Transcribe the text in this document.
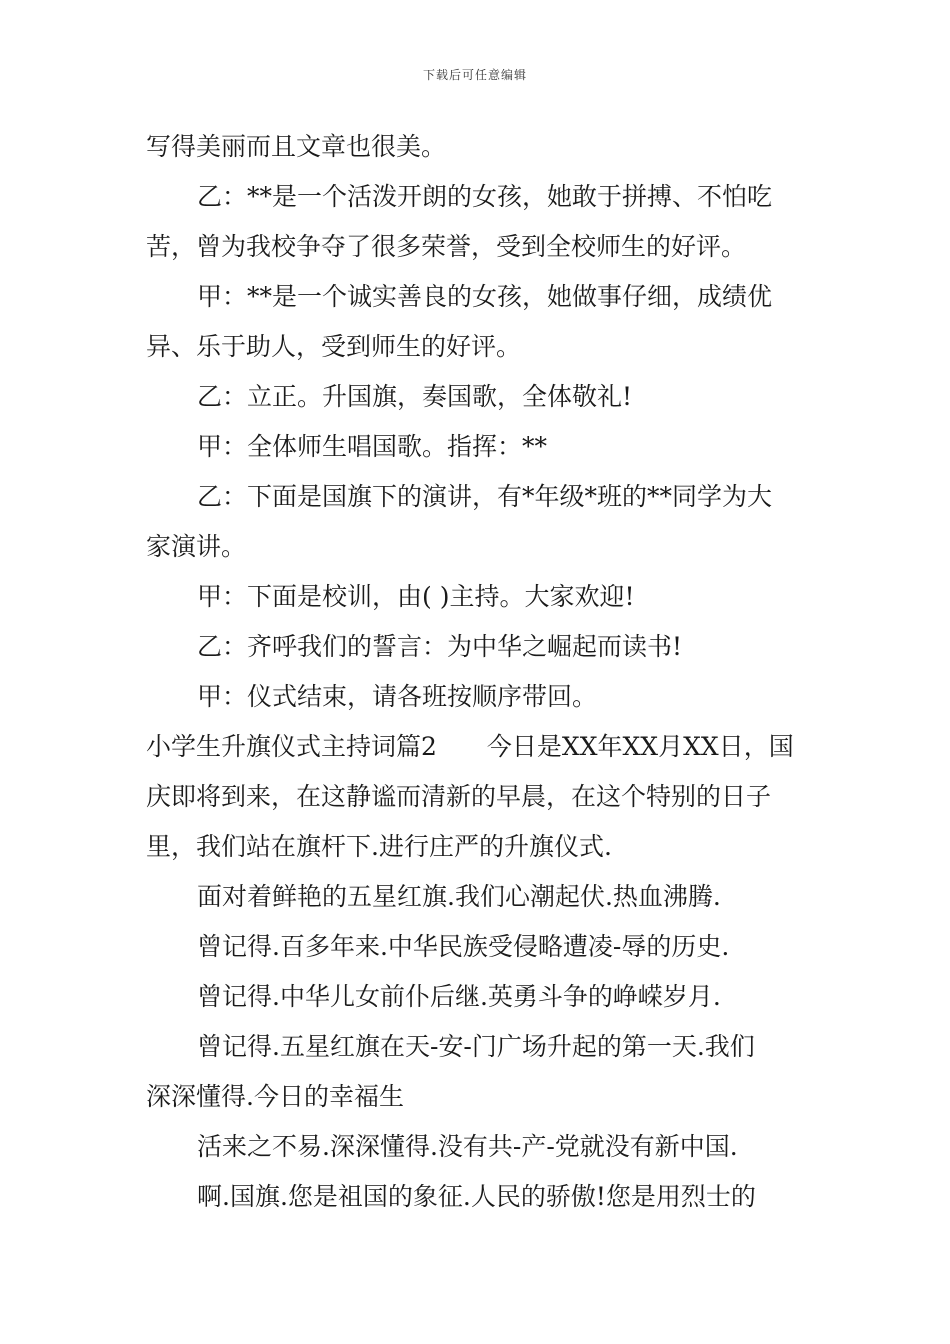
下载后可任意编辑
写得美丽而且文章也很美。
乙：**是一个活泼开朗的女孩，她敢于拼搏、不怕吃
苦，曾为我校争夺了很多荣誉，受到全校师生的好评。
甲：**是一个诚实善良的女孩，她做事仔细，成绩优
异、乐于助人，受到师生的好评。
乙：立正。升国旗，奏国歌，全体敬礼!
甲：全体师生唱国歌。指挥：**
乙：下面是国旗下的演讲，有*年级*班的**同学为大
家演讲。
甲：下面是校训，由( )主持。大家欢迎!
乙：齐呼我们的誓言：为中华之崛起而读书!
甲：仪式结束，请各班按顺序带回。
小学生升旗仪式主持词篇2　　今日是XX年XX月XX日，国
庆即将到来，在这静谧而清新的早晨，在这个特别的日子
里，我们站在旗杆下.进行庄严的升旗仪式.
面对着鲜艳的五星红旗.我们心潮起伏.热血沸腾.
曾记得.百多年来.中华民族受侵略遭凌-辱的历史.
曾记得.中华儿女前仆后继.英勇斗争的峥嵘岁月.
曾记得.五星红旗在天-安-门广场升起的第一天.我们
深深懂得.今日的幸福生
活来之不易.深深懂得.没有共-产-党就没有新中国.
啊.国旗.您是祖国的象征.人民的骄傲!您是用烈士的
